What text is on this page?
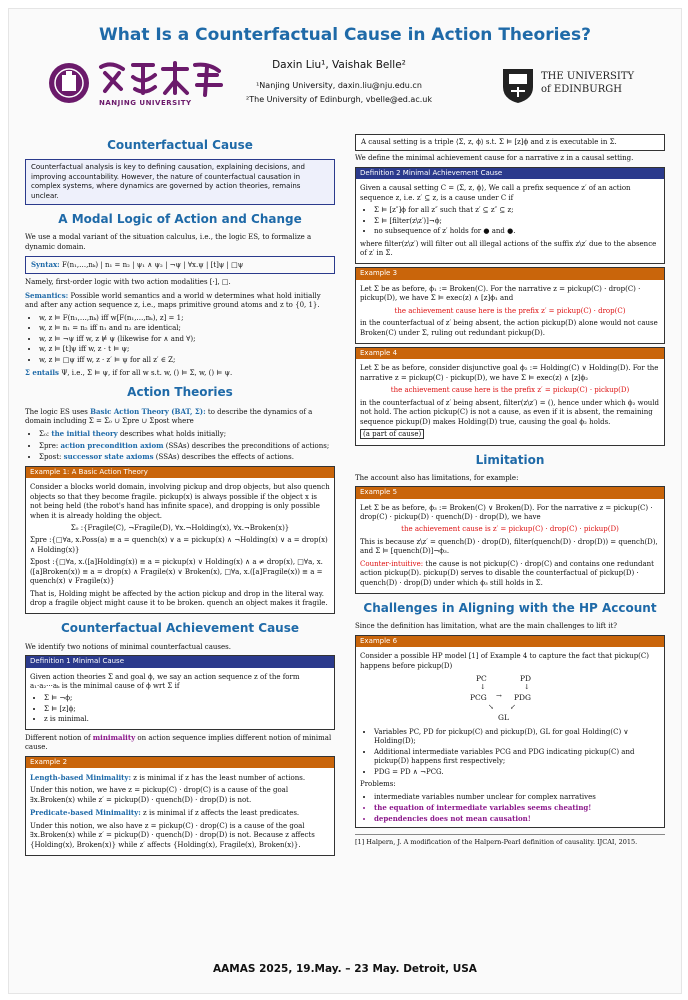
What Is a Counterfactual Cause in Action Theories?
NANJING UNIVERSITY
Daxin Liu¹, Vaishak Belle²
¹Nanjing University, daxin.liu@nju.edu.cn
²The University of Edinburgh, vbelle@ed.ac.uk
THE UNIVERSITY
of EDINBURGH
Counterfactual Cause
Counterfactual analysis is key to defining causation, explaining decisions, and improving accountability. However, the nature of counterfactual causation in complex systems, where dynamics are governed by action theories, remains unclear.
A Modal Logic of Action and Change

We use a modal variant of the situation calculus, i.e., the logic ES, to formalize a dynamic domain.

Syntax: F(n₁,…,nₖ) | n₁ = n₂ | ψ₁ ∧ ψ₂ | ¬ψ | ∀x.ψ | [t]ψ | □ψ

Namely, first-order logic with two action modalities [·], □.

Semantics: Possible world semantics and a world w determines what hold initially and after any action sequence z, i.e., maps primitive ground atoms and z to {0, 1}.

• w, z ⊨ F(n₁,…,nₖ) iff w[F(n₁,…,nₖ), z] = 1;
• w, z ⊨ n₁ = n₂ iff n₁ and n₂ are identical;
• w, z ⊨ ¬ψ iff w, z ⊭ ψ (likewise for ∧ and ∀);
• w, z ⊨ [t]ψ iff w, z · t ⊨ ψ;
• w, z ⊨ □ψ iff w, z · z′ ⊨ ψ for all z′ ∈ Z;

Σ entails Ψ, i.e., Σ ⊨ ψ, if for all w s.t. w, () ⊨ Σ, w, () ⊨ ψ.

Action Theories

The logic ES uses Basic Action Theory (BAT, Σ): to describe the dynamics of a domain including Σ = Σ₀ ∪ Σpre ∪ Σpost where

• Σ₀: the initial theory describes what holds initially;
• Σpre: action precondition axiom (SSAs) describes the preconditions of actions;
• Σpost: successor state axioms (SSAs) describes the effects of actions.
Example 1: A Basic Action Theory

Consider a blocks world domain, involving pickup and drop objects, but also quench objects so that they become fragile. pickup(x) is always possible if the object x is not being held (the robot's hand has infinite space), and dropping is only possible when it is already holding the object.

Σ₀ :{Fragile(C), ¬Fragile(D), ∀x.¬Holding(x), ∀x.¬Broken(x)}

Σpre :{□∀a, x.Poss(a) ≡ a = quench(x) ∨ a = pickup(x) ∧ ¬Holding(x) ∨ a = drop(x) ∧ Holding(x)}

Σpost :{□∀a, x.([a]Holding(x)) ≡ a = pickup(x) ∨ Holding(x) ∧ a ≠ drop(x), □∀a, x.([a]Broken(x)) ≡ a = drop(x) ∧ Fragile(x) ∨ Broken(x), □∀a, x.([a]Fragile(x)) ≡ a = quench(x) ∨ Fragile(x)}

That is, Holding might be affected by the action pickup and drop in the literal way. drop a fragile object might cause it to be broken. quench an object makes it fragile.

Counterfactual Achievement Cause

We identify two notions of minimal counterfactual causes.

Definition 1 Minimal Cause

Given action theories Σ and goal ϕ, we say an action sequence z of the form a₁·a₂···aₖ is the minimal cause of ϕ wrt Σ if

• Σ ⊨ ¬ϕ;
• Σ ⊨ [z]ϕ;
• z is minimal.

Different notion of minimality on action sequence implies different notion of minimal cause.

Example 2

Length-based Minimality: z is minimal if z has the least number of actions.

Under this notion, we have z = pickup(C) · drop(C) is a cause of the goal ∃x.Broken(x) while z′ = pickup(D) · quench(D) · drop(D) is not.

Predicate-based Minimality: z is minimal if z affects the least predicates.

Under this notion, we also have z = pickup(C) · drop(C) is a cause of the goal ∃x.Broken(x) while z′ = pickup(D) · quench(D) · drop(D) is not. Because z affects {Holding(x), Broken(x)} while z′ affects {Holding(x), Fragile(x), Broken(x)}.

A causal setting is a triple ⟨Σ, z, ϕ⟩ s.t. Σ ⊨ [z]ϕ and z is executable in Σ.

We define the minimal achievement cause for a narrative z in a causal setting.

Definition 2 Minimal Achievement Cause

Given a causal setting C = ⟨Σ, z, ϕ⟩, We call a prefix sequence z′ of an action sequence z, i.e. z′ ⊆ z, is a cause under C if

• Σ ⊨ [z″]ϕ for all z″ such that z′ ⊆ z″ ⊆ z;
• Σ ⊨ [filter(z\z′)]¬ϕ;
• no subsequence of z′ holds for ● and ●.

where filter(z\z′) will filter out all illegal actions of the suffix z\z′ due to the absence of z′ in Σ.

Example 3

Let Σ be as before, ϕ₁ := Broken(C). For the narrative z = pickup(C) · drop(C) · pickup(D), we have Σ ⊨ exec(z) ∧ [z]ϕ₁ and

the achievement cause here is the prefix z′ = pickup(C) · drop(C)

in the counterfactual of z′ being absent, the action pickup(D) alone would not cause Broken(C) under Σ, ruling out redundant pickup(D).

Example 4

Let Σ be as before, consider disjunctive goal ϕ₂ := Holding(C) ∨ Holding(D). For the narrative z = pickup(C) · pickup(D), we have Σ ⊨ exec(z) ∧ [z]ϕ₂

the achievement cause here is the prefix z′ = pickup(C) · pickup(D)

in the counterfactual of z′ being absent, filter(z\z′) = (), hence under which ϕ₂ would not hold. The action pickup(C) is not a cause, as even if it is absent, the remaining sequence pickup(D) makes Holding(D) true, causing the goal ϕ₂ holds.

(a part of cause)

Limitation

The account also has limitations, for example:

Example 5

Let Σ be as before, ϕ₃ := Broken(C) ∨ Broken(D). For the narrative z = pickup(C) · drop(C) · pickup(D) · quench(D) · drop(D), we have

the achievement cause is z′ = pickup(C) · drop(C) · pickup(D)

This is because z\z′ = quench(D) · drop(D), filter(quench(D) · drop(D)) = quench(D), and Σ ⊨ [quench(D)]¬ϕ₃.

Counter-intuitive: the cause is not pickup(C) · drop(C) and contains one redundant action pickup(D). pickup(D) serves to disable the counterfactual of pickup(D) · quench(D) · drop(D) under which ϕ₃ still holds in Σ.

Challenges in Aligning with the HP Account

Since the definition has limitation, what are the main challenges to lift it?

Example 6

Consider a possible HP model [1] of Example 4 to capture the fact that pickup(C) happens before pickup(D)

PC	PD
↓	↓
PCG → PDG
↘ ↙
GL
• Variables PC, PD for pickup(C) and pickup(D), GL for goal Holding(C) ∨ Holding(D);
• Additional intermediate variables PCG and PDG indicating pickup(C) and pickup(D) happens first respectively;
• PDG = PD ∧ ¬PCG.

Problems:

• intermediate variables number unclear for complex narratives
• the equation of intermediate variables seems cheating!
• dependencies does not mean causation!
[1] Halpern, J. A modification of the Halpern-Pearl definition of causality. IJCAI, 2015.
AAMAS 2025, 19.May. – 23 May. Detroit, USA
